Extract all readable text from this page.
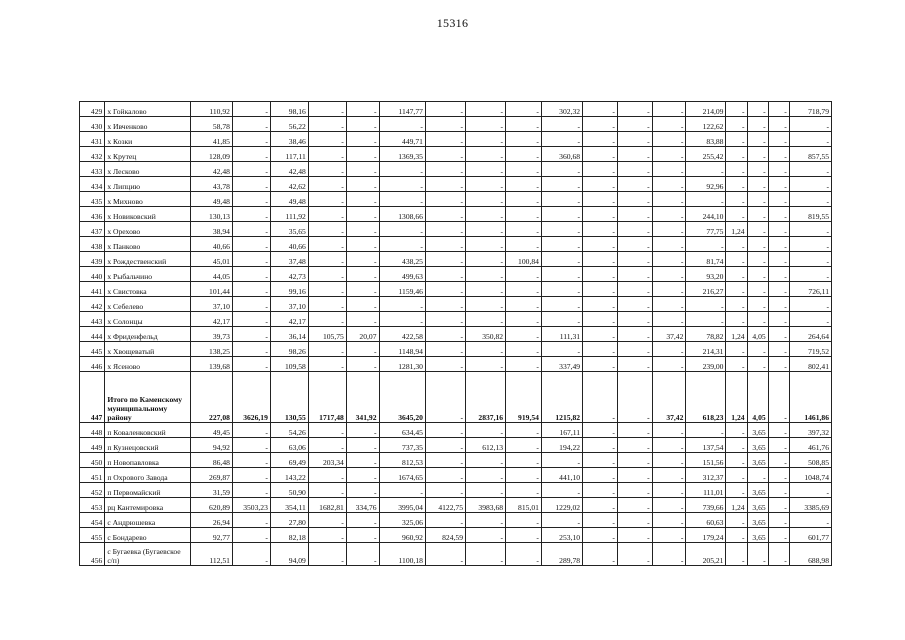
15316
429	х Гойкалово	110,92	-	98,16	-	-	1147,77	-	-	-	302,32	-	-	-	214,09	-	-	-	718,79
430	х Ивченково	58,78	-	56,22	-	-	-	-	-	-	-	-	-	-	122,62	-	-	-	-
431	х Козки	41,85	-	38,46	-	-	449,71	-	-	-	-	-	-	-	83,88	-	-	-	-
432	х Крутец	128,09	-	117,11	-	-	1369,35	-	-	-	360,68	-	-	-	255,42	-	-	-	857,55
433	х Лесково	42,48	-	42,48	-	-	-	-	-	-	-	-	-	-	-	-	-	-	-
434	х Липцию	43,78	-	42,62	-	-	-	-	-	-	-	-	-	-	92,96	-	-	-	-
435	х Михново	49,48	-	49,48	-	-	-	-	-	-	-	-	-	-	-	-	-	-	-
436	х Новиковский	130,13	-	111,92	-	-	1308,66	-	-	-	-	-	-	-	244,10	-	-	-	819,55
437	х Орехово	38,94	-	35,65	-	-	-	-	-	-	-	-	-	-	77,75	1,24	-	-	-
438	х Панково	40,66	-	40,66	-	-	-	-	-	-	-	-	-	-	-	-	-	-	-
439	х Рождественский	45,01	-	37,48	-	-	438,25	-	-	100,84	-	-	-	-	81,74	-	-	-	-
440	х Рыбальчино	44,05	-	42,73	-	-	499,63	-	-	-	-	-	-	-	93,20	-	-	-	-
441	х Свистовка	101,44	-	99,16	-	-	1159,46	-	-	-	-	-	-	-	216,27	-	-	-	726,11
442	х Себелево	37,10	-	37,10	-	-	-	-	-	-	-	-	-	-	-	-	-	-	-
443	х Солонцы	42,17	-	42,17	-	-	-	-	-	-	-	-	-	-	-	-	-	-	-
444	х Фриденфельд	39,73	-	36,14	105,75	20,07	422,58	-	350,82	-	111,31	-	-	37,42	78,82	1,24	4,05	-	264,64
445	х Хвощеватый	138,25	-	98,26	-	-	1148,94	-	-	-	-	-	-	-	214,31	-	-	-	719,52
446	х Ясеново	139,68	-	109,58	-	-	1281,30	-	-	-	337,49	-	-	-	239,00	-	-	-	802,41
447	Итого по Каменскому муниципальному району	227,08	3626,19	130,55	1717,48	341,92	3645,20	-	2837,16	919,54	1215,82	-	-	37,42	618,23	1,24	4,05	-	1461,86
448	п Коваленковский	49,45	-	54,26	-	-	634,45	-	-	-	167,11	-	-	-	-	-	3,65	-	397,32
449	п Кузнецовский	94,92	-	63,06	-	-	737,35	-	612,13	-	194,22	-	-	-	137,54	-	3,65	-	461,76
450	п Новопавловка	86,48	-	69,49	203,34	-	812,53	-	-	-	-	-	-	-	151,56	-	3,65	-	508,85
451	п Охрового Завода	269,87	-	143,22	-	-	1674,65	-	-	-	441,10	-	-	-	312,37	-	-	-	1048,74
452	п Первомайский	31,59	-	50,90	-	-	-	-	-	-	-	-	-	-	111,01	-	3,65	-	-
453	рц Кантемировка	620,89	3503,23	354,11	1682,81	334,76	3995,04	4122,75	3983,68	815,01	1229,02	-	-	-	739,66	1,24	3,65	-	3385,69
454	с Андрюшевка	26,94	-	27,80	-	-	325,06	-	-	-	-	-	-	-	60,63	-	3,65	-	-
455	с Бондарево	92,77	-	82,18	-	-	960,92	824,59	-	-	253,10	-	-	-	179,24	-	3,65	-	601,77
456	с Бугаевка (Бугаевское с/п)	112,51	-	94,09	-	-	1100,18	-	-	-	289,78	-	-	-	205,21	-	-	-	688,98
